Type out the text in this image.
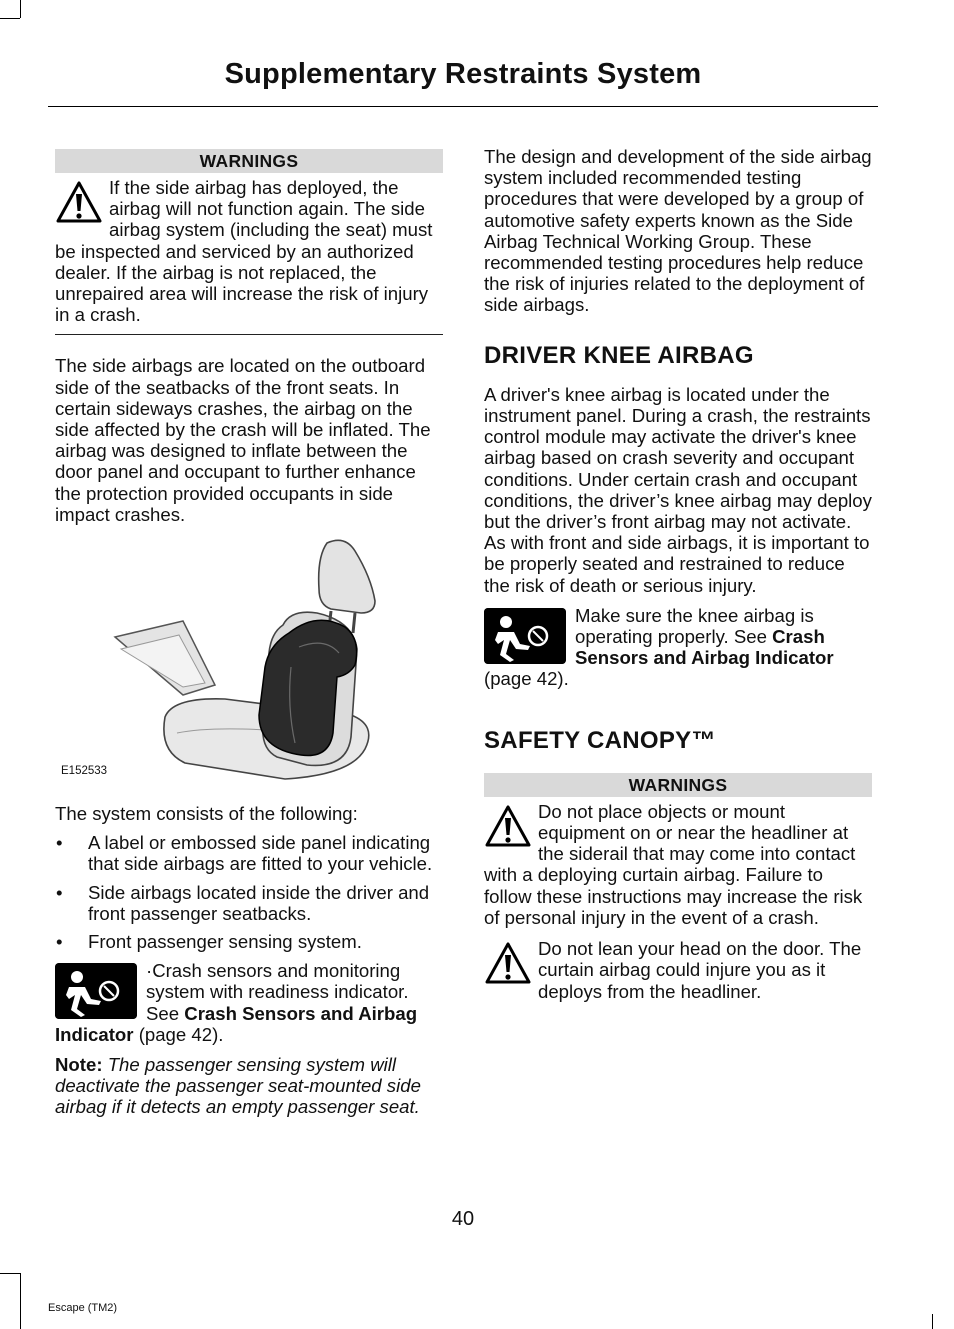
Supplementary Restraints System
WARNINGS

If the side airbag has deployed, the airbag will not function again. The side airbag system (including the seat) must be inspected and serviced by an authorized dealer. If the airbag is not replaced, the unrepaired area will increase the risk of injury in a crash.

The side airbags are located on the outboard side of the seatbacks of the front seats. In certain sideways crashes, the airbag on the side affected by the crash will be inflated. The airbag was designed to inflate between the door panel and occupant to further enhance the protection provided occupants in side impact crashes.

E152533

The system consists of the following:

• A label or embossed side panel indicating that side airbags are fitted to your vehicle.
• Side airbags located inside the driver and front passenger seatbacks.
• Front passenger sensing system.

·Crash sensors and monitoring system with readiness indicator. See Crash Sensors and Airbag Indicator (page 42).

Note: The passenger sensing system will deactivate the passenger seat-mounted side airbag if it detects an empty passenger seat.

The design and development of the side airbag system included recommended testing procedures that were developed by a group of automotive safety experts known as the Side Airbag Technical Working Group. These recommended testing procedures help reduce the risk of injuries related to the deployment of side airbags.

DRIVER KNEE AIRBAG

A driver's knee airbag is located under the instrument panel. During a crash, the restraints control module may activate the driver's knee airbag based on crash severity and occupant conditions. Under certain crash and occupant conditions, the driver’s knee airbag may deploy but the driver’s front airbag may not activate. As with front and side airbags, it is important to be properly seated and restrained to reduce the risk of death or serious injury.

Make sure the knee airbag is operating properly. See Crash Sensors and Airbag Indicator (page 42).

SAFETY CANOPY™
WARNINGS

Do not place objects or mount equipment on or near the headliner at the siderail that may come into contact with a deploying curtain airbag. Failure to follow these instructions may increase the risk of personal injury in the event of a crash.

Do not lean your head on the door. The curtain airbag could injure you as it deploys from the headliner.

40
Escape (TM2)
